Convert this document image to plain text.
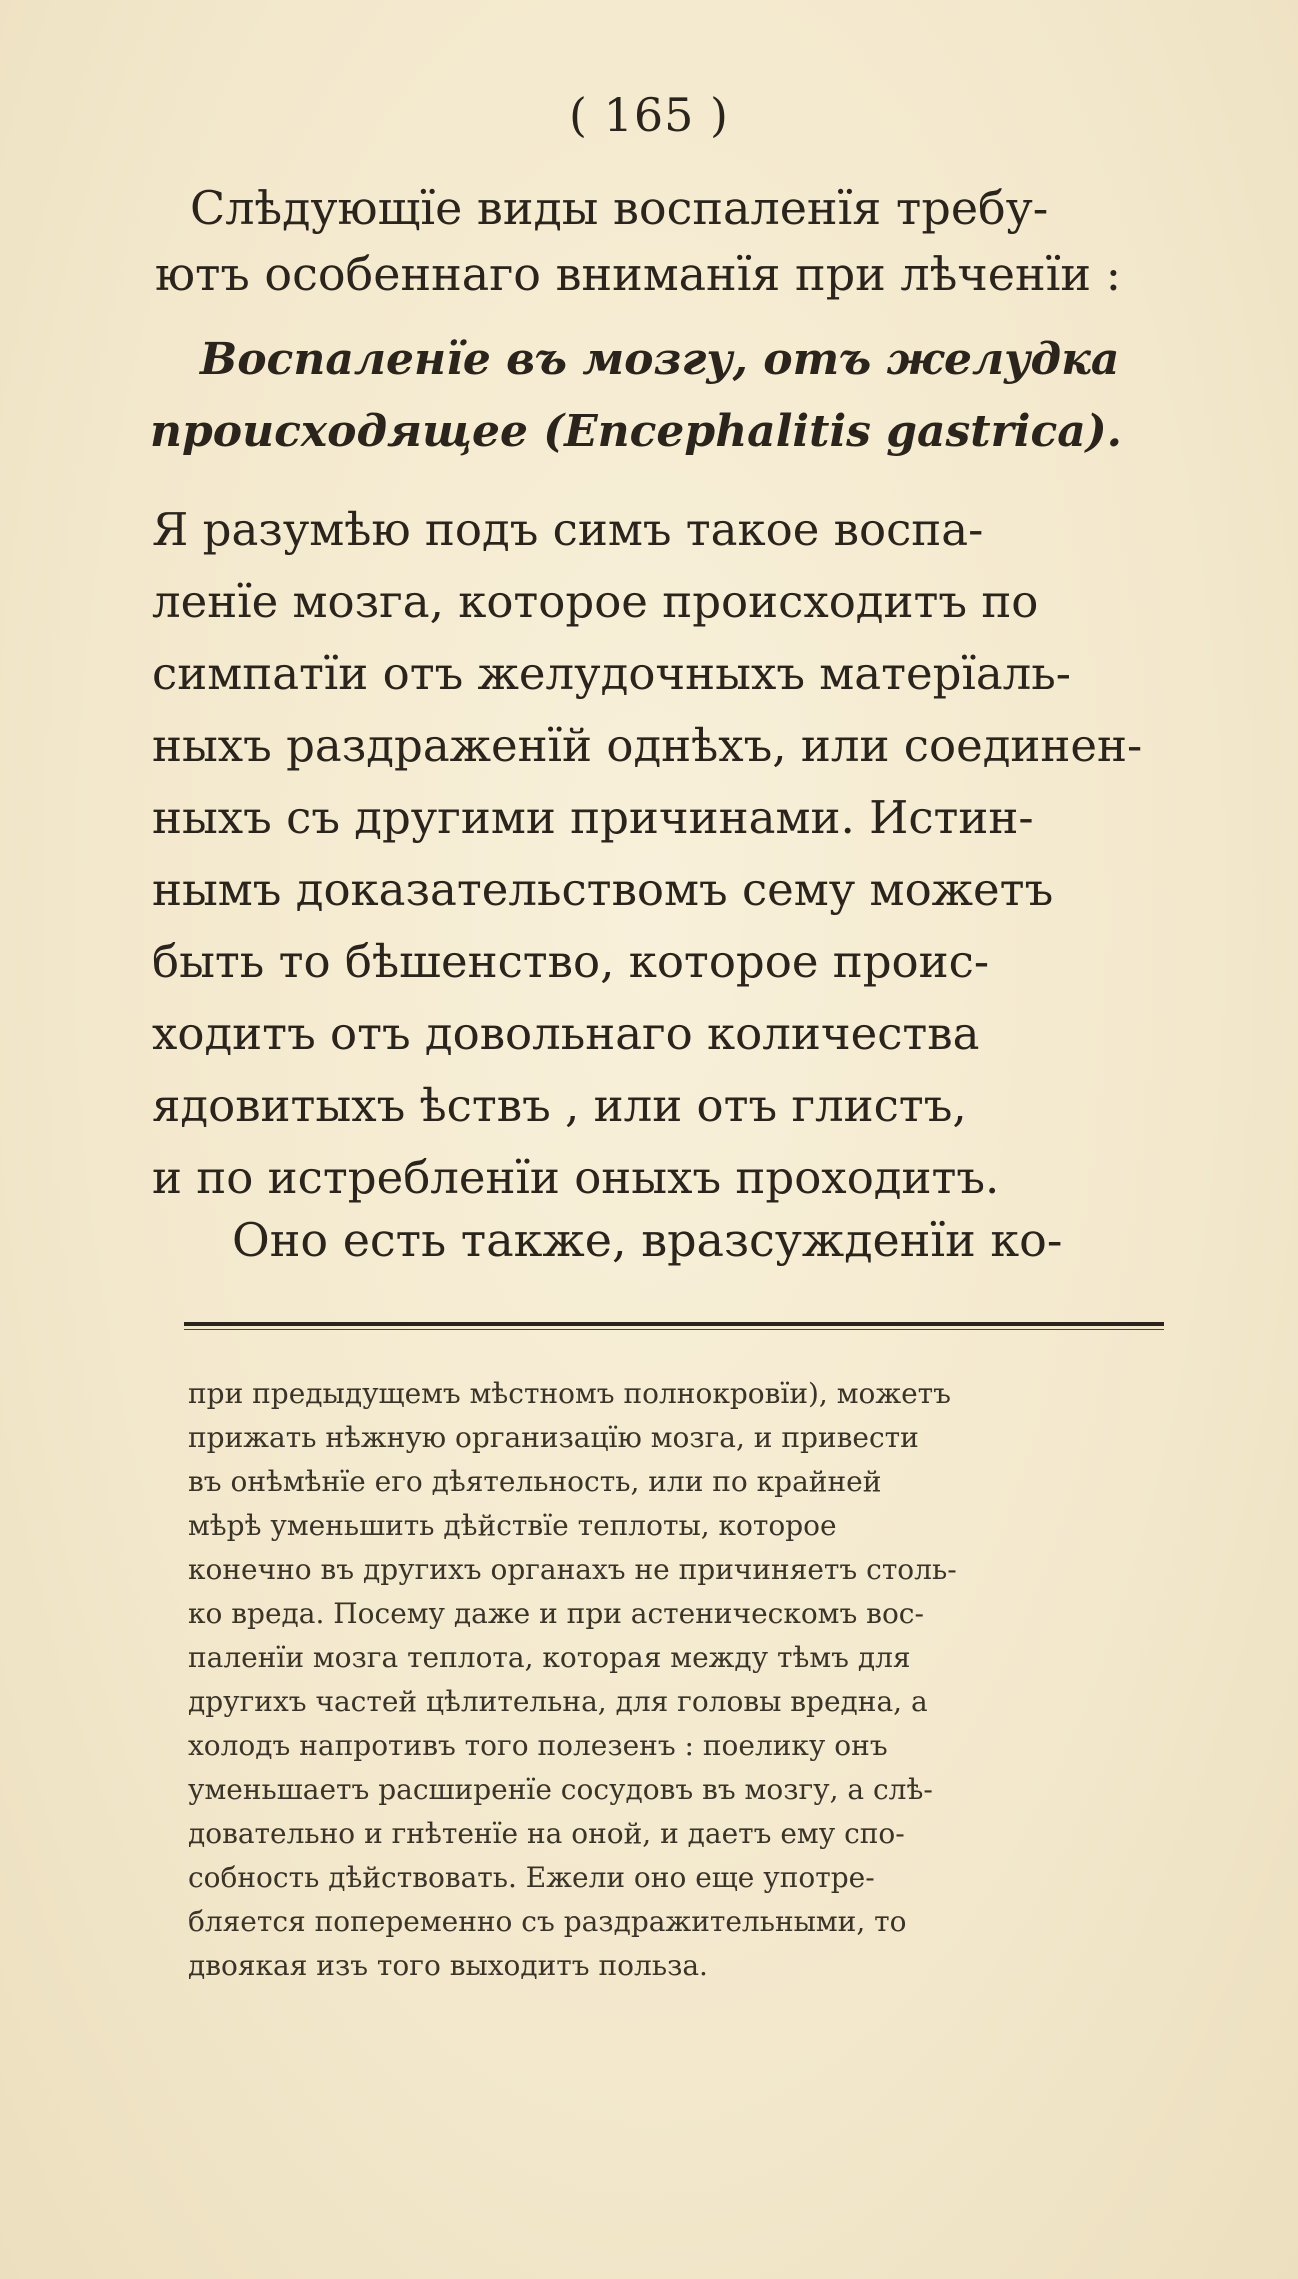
( 165 )
Слѣдующїе виды воспаленїя требу-
ютъ особеннаго вниманїя при лѣченїи :
Воспаленїе въ мозгу, отъ желудка
происходящее (Encephalitis gastrica).
Я разумѣю подъ симъ такое воспа-
ленїе мозга, которое происходитъ по
симпатїи отъ желудочныхъ матерїаль-
ныхъ раздраженїй однѣхъ, или соединен-
ныхъ съ другими причинами. Истин-
нымъ доказательствомъ сему можетъ
быть то бѣшенство, которое проис-
ходитъ отъ довольнаго количества
ядовитыхъ ѣствъ , или отъ глистъ,
и по истребленїи оныхъ проходитъ.
Оно есть также, вразсужденїи ко-
при предыдущемъ мѣстномъ полнокровїи), можетъ
прижать нѣжную организацїю мозга, и привести
въ онѣмѣнїе его дѣятельность, или по крайней
мѣрѣ уменьшить дѣйствїе теплоты, которое
конечно въ другихъ органахъ не причиняетъ столь-
ко вреда. Посему даже и при астеническомъ вос-
паленїи мозга теплота, которая между тѣмъ для
другихъ частей цѣлительна, для головы вредна, а
холодъ напротивъ того полезенъ : поелику онъ
уменьшаетъ расширенїе сосудовъ въ мозгу, а слѣ-
довательно и гнѣтенїе на оной, и даетъ ему спо-
собность дѣйствовать. Ежели оно еще употре-
бляется попеременно съ раздражительными, то
двоякая изъ того выходитъ польза.
